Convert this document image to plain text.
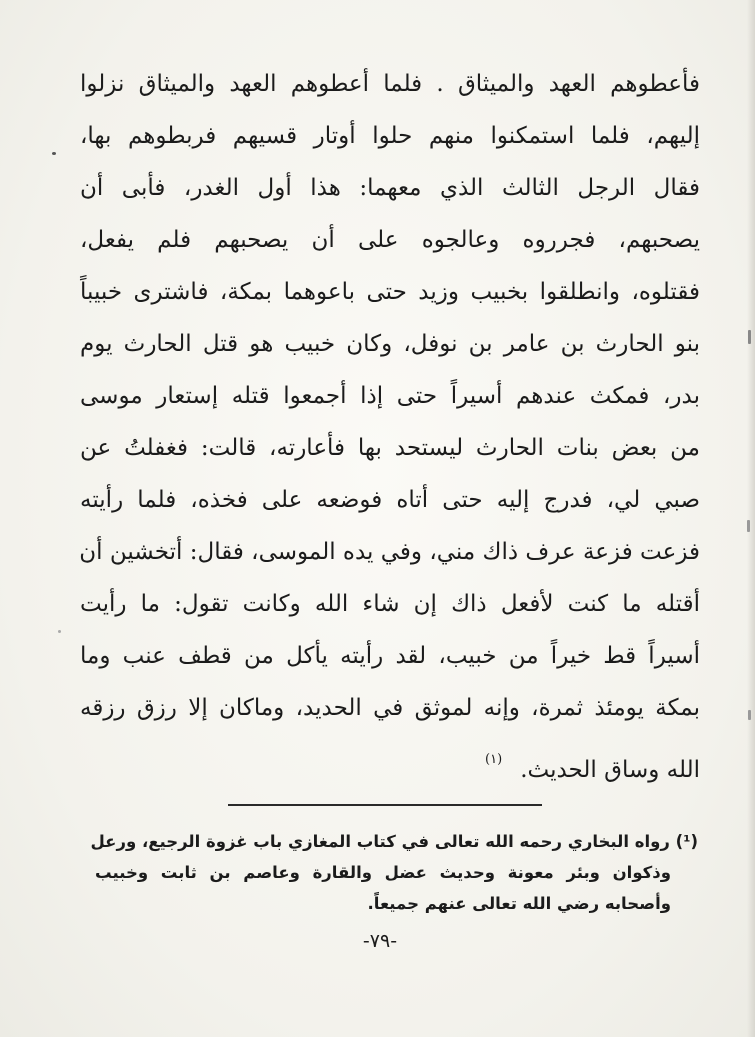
فأعطوهم العهد والميثاق . فلما أعطوهم العهد والميثاق نزلوا
إليهم، فلما استمكنوا منهم حلوا أوتار قسيهم فربطوهم بها،
فقال الرجل الثالث الذي معهما: هذا أول الغدر، فأبى أن
يصحبهم، فجرروه وعالجوه على أن يصحبهم فلم يفعل،
فقتلوه، وانطلقوا بخبيب وزيد حتى باعوهما بمكة، فاشترى خبيباً
بنو الحارث بن عامر بن نوفل، وكان خبيب هو قتل الحارث يوم
بدر، فمكث عندهم أسيراً حتى إذا أجمعوا قتله إستعار موسى
من بعض بنات الحارث ليستحد بها فأعارته، قالت: فغفلتُ عن
صبي لي، فدرج إليه حتى أتاه فوضعه على فخذه، فلما رأيته
فزعت فزعة عرف ذاك مني، وفي يده الموسى، فقال: أتخشين أن
أقتله ما كنت لأفعل ذاك إن شاء الله وكانت تقول: ما رأيت
أسيراً قط خيراً من خبيب، لقد رأيته يأكل من قطف عنب وما
بمكة يومئذ ثمرة، وإنه لموثق في الحديد، وماكان إلا رزق رزقه
الله وساق الحديث.$^{(١)}$
(¹) رواه البخاري رحمه الله تعالى في كتاب المغازي باب غزوة الرجيع، ورعل
وذكوان وبئر معونة وحديث عضل والقارة وعاصم بن ثابت وخبيب
وأصحابه رضي الله تعالى عنهم جميعاً.
-٧٩-
